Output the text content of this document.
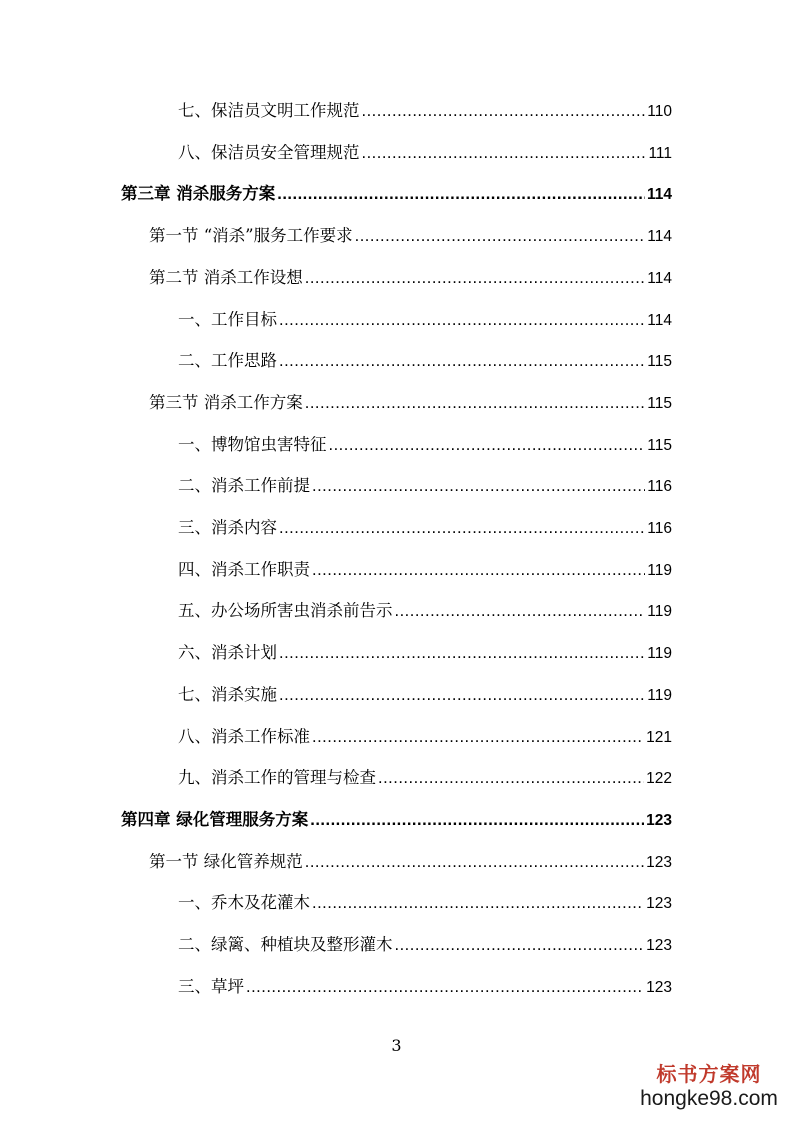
七、保洁员文明工作规范 .....	110
八、保洁员安全管理规范 .....	111
第三章 消杀服务方案 .....	114
第一节 “消杀”服务工作要求 .....	114
第二节 消杀工作设想 .....	114
一、工作目标 .....	114
二、工作思路 .....	115
第三节 消杀工作方案 .....	115
一、博物馆虫害特征 .....	115
二、消杀工作前提 .....	116
三、消杀内容 .....	116
四、消杀工作职责 .....	119
五、办公场所害虫消杀前告示 .....	119
六、消杀计划 .....	119
七、消杀实施 .....	119
八、消杀工作标准 .....	121
九、消杀工作的管理与检查 .....	122
第四章 绿化管理服务方案 .....	123
第一节 绿化管养规范 .....	123
一、乔木及花灌木 .....	123
二、绿篱、种植块及整形灌木 .....	123
三、草坪 .....	123
3
标书方案网
hongke98.com
